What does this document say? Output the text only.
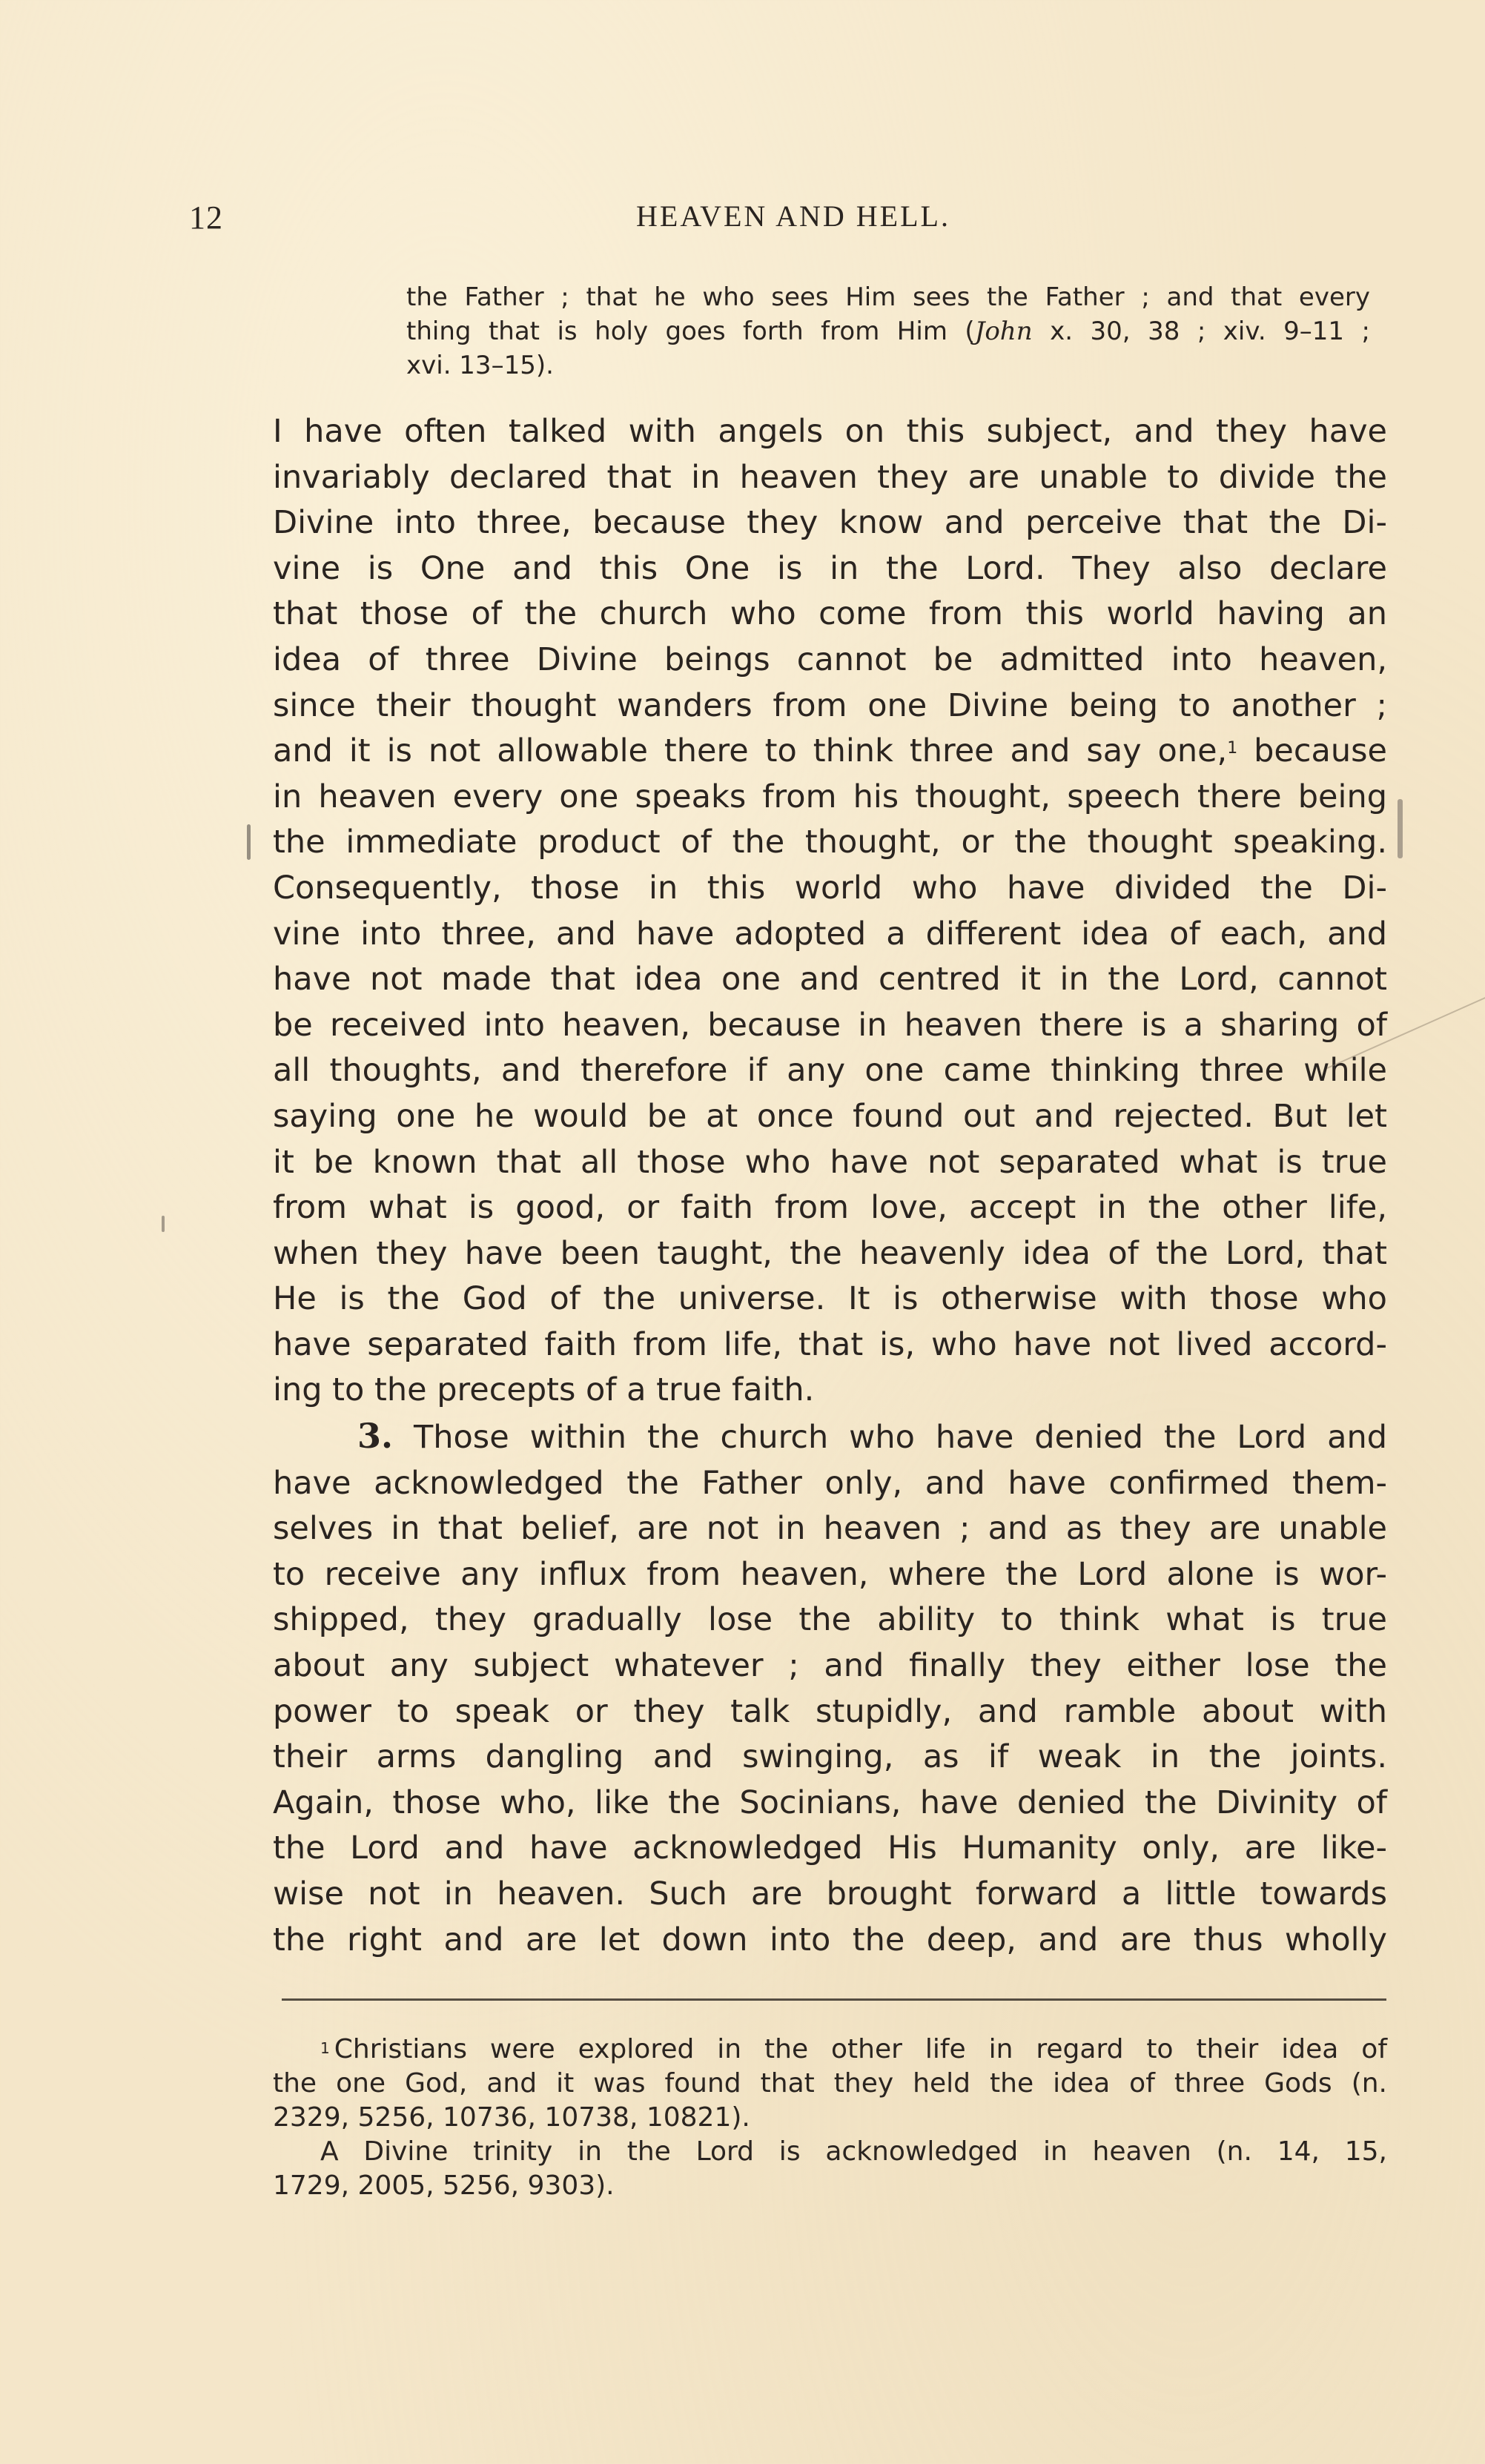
12	HEAVEN AND HELL.
the Father ; that he who sees Him sees the Father ; and that every
thing that is holy goes forth from Him (John x. 30, 38 ; xiv. 9–11 ;
xvi. 13–15).
I have often talked with angels on this subject, and they have
invariably declared that in heaven they are unable to divide the
Divine into three, because they know and perceive that the Di-
vine is One and this One is in the Lord. They also declare
that those of the church who come from this world having an
idea of three Divine beings cannot be admitted into heaven,
since their thought wanders from one Divine being to another ;
and it is not allowable there to think three and say one,$^1$ because
in heaven every one speaks from his thought, speech there being
the immediate product of the thought, or the thought speaking.
Consequently, those in this world who have divided the Di-
vine into three, and have adopted a different idea of each, and
have not made that idea one and centred it in the Lord, cannot
be received into heaven, because in heaven there is a sharing of
all thoughts, and therefore if any one came thinking three while
saying one he would be at once found out and rejected. But let
it be known that all those who have not separated what is true
from what is good, or faith from love, accept in the other life,
when they have been taught, the heavenly idea of the Lord, that
He is the God of the universe. It is otherwise with those who
have separated faith from life, that is, who have not lived accord-
ing to the precepts of a true faith.
3. Those within the church who have denied the Lord and
have acknowledged the Father only, and have confirmed them-
selves in that belief, are not in heaven ; and as they are unable
to receive any influx from heaven, where the Lord alone is wor-
shipped, they gradually lose the ability to think what is true
about any subject whatever ; and finally they either lose the
power to speak or they talk stupidly, and ramble about with
their arms dangling and swinging, as if weak in the joints.
Again, those who, like the Socinians, have denied the Divinity of
the Lord and have acknowledged His Humanity only, are like-
wise not in heaven. Such are brought forward a little towards
the right and are let down into the deep, and are thus wholly
$^1$ Christians were explored in the other life in regard to their idea of
the one God, and it was found that they held the idea of three Gods (n.
2329, 5256, 10736, 10738, 10821).
A Divine trinity in the Lord is acknowledged in heaven (n. 14, 15,
1729, 2005, 5256, 9303).
